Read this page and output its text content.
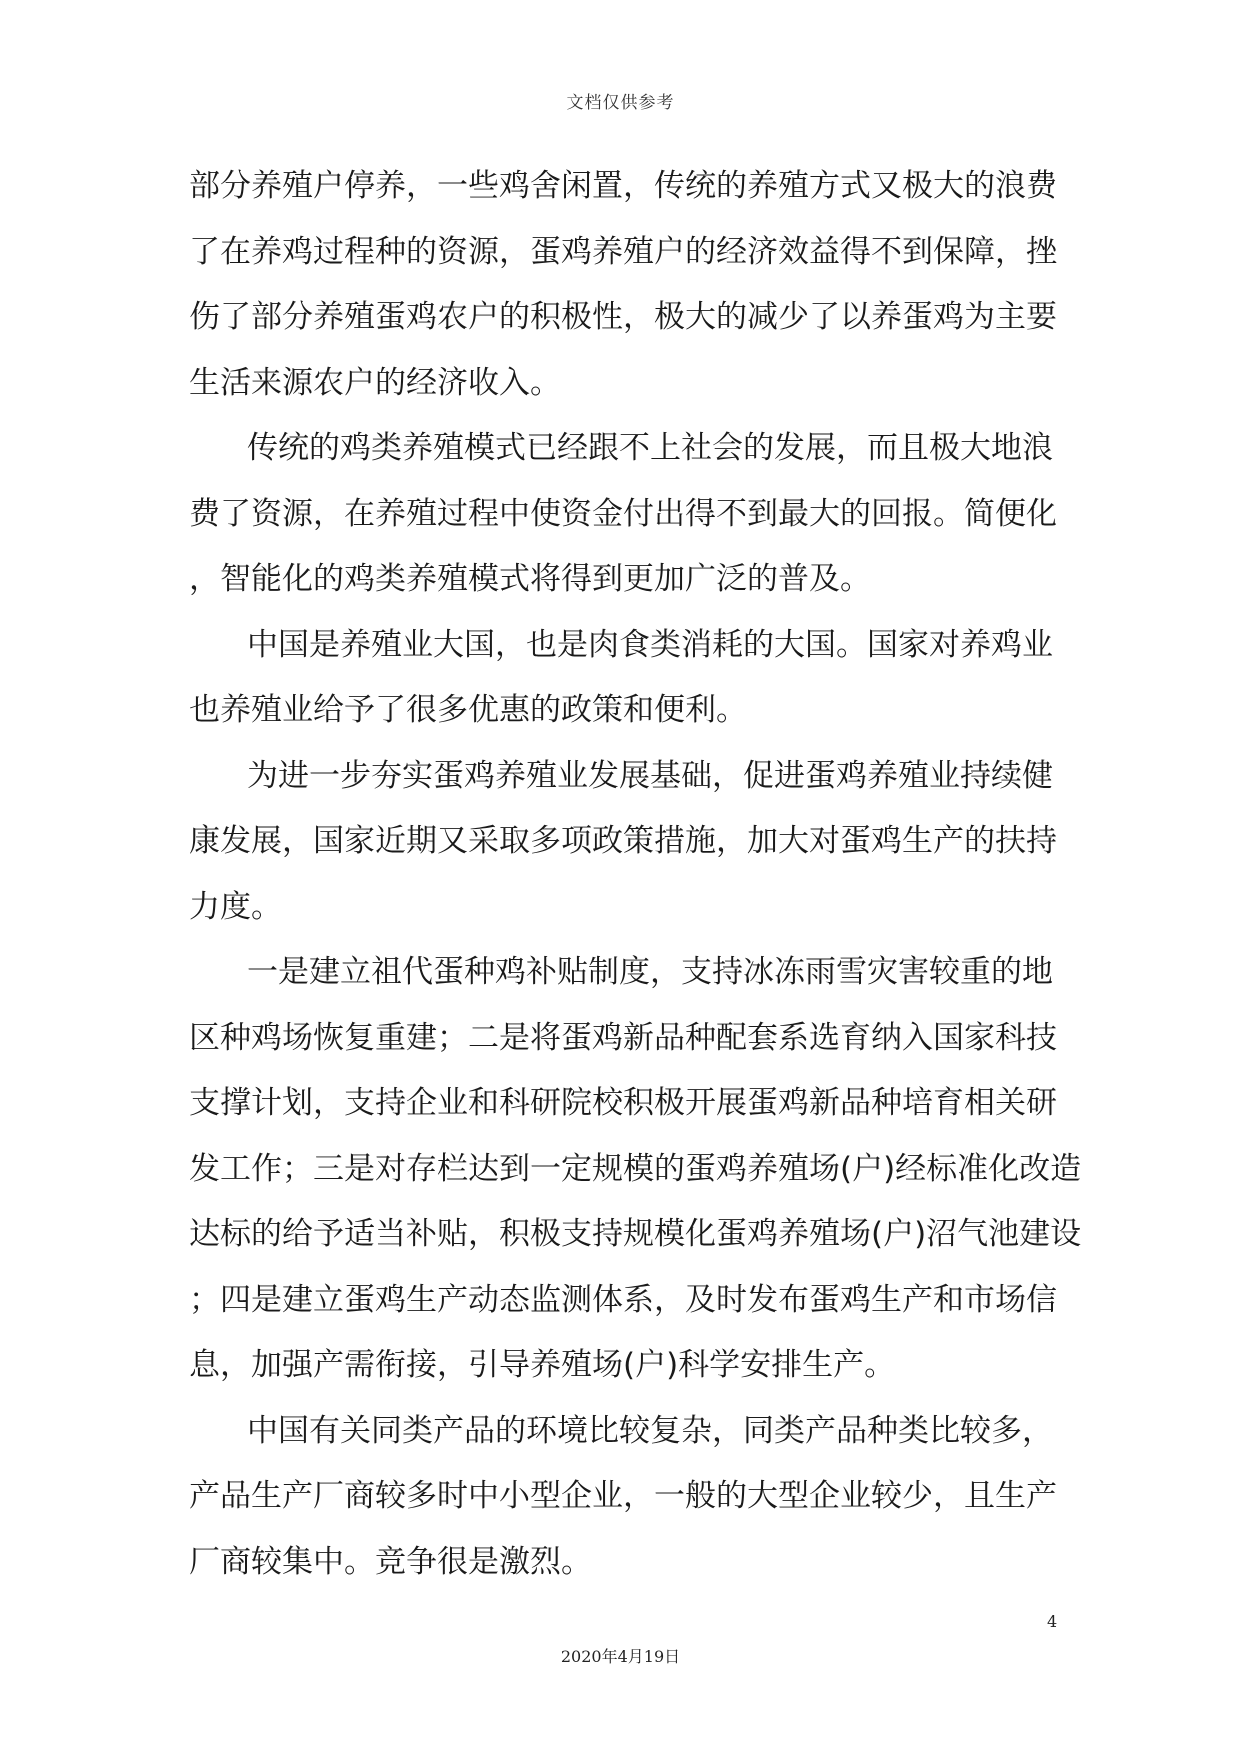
文档仅供参考
部分养殖户停养，一些鸡舍闲置，传统的养殖方式又极大的浪费
了在养鸡过程种的资源，蛋鸡养殖户的经济效益得不到保障，挫
伤了部分养殖蛋鸡农户的积极性，极大的减少了以养蛋鸡为主要
生活来源农户的经济收入。
传统的鸡类养殖模式已经跟不上社会的发展，而且极大地浪
费了资源，在养殖过程中使资金付出得不到最大的回报。简便化
，智能化的鸡类养殖模式将得到更加广泛的普及。
中国是养殖业大国，也是肉食类消耗的大国。国家对养鸡业
也养殖业给予了很多优惠的政策和便利。
为进一步夯实蛋鸡养殖业发展基础，促进蛋鸡养殖业持续健
康发展，国家近期又采取多项政策措施，加大对蛋鸡生产的扶持
力度。
一是建立祖代蛋种鸡补贴制度，支持冰冻雨雪灾害较重的地
区种鸡场恢复重建；二是将蛋鸡新品种配套系选育纳入国家科技
支撑计划，支持企业和科研院校积极开展蛋鸡新品种培育相关研
发工作；三是对存栏达到一定规模的蛋鸡养殖场(户)经标准化改造
达标的给予适当补贴，积极支持规模化蛋鸡养殖场(户)沼气池建设
；四是建立蛋鸡生产动态监测体系，及时发布蛋鸡生产和市场信
息，加强产需衔接，引导养殖场(户)科学安排生产。
中国有关同类产品的环境比较复杂，同类产品种类比较多，
产品生产厂商较多时中小型企业，一般的大型企业较少，且生产
厂商较集中。竞争很是激烈。
4
2020年4月19日
